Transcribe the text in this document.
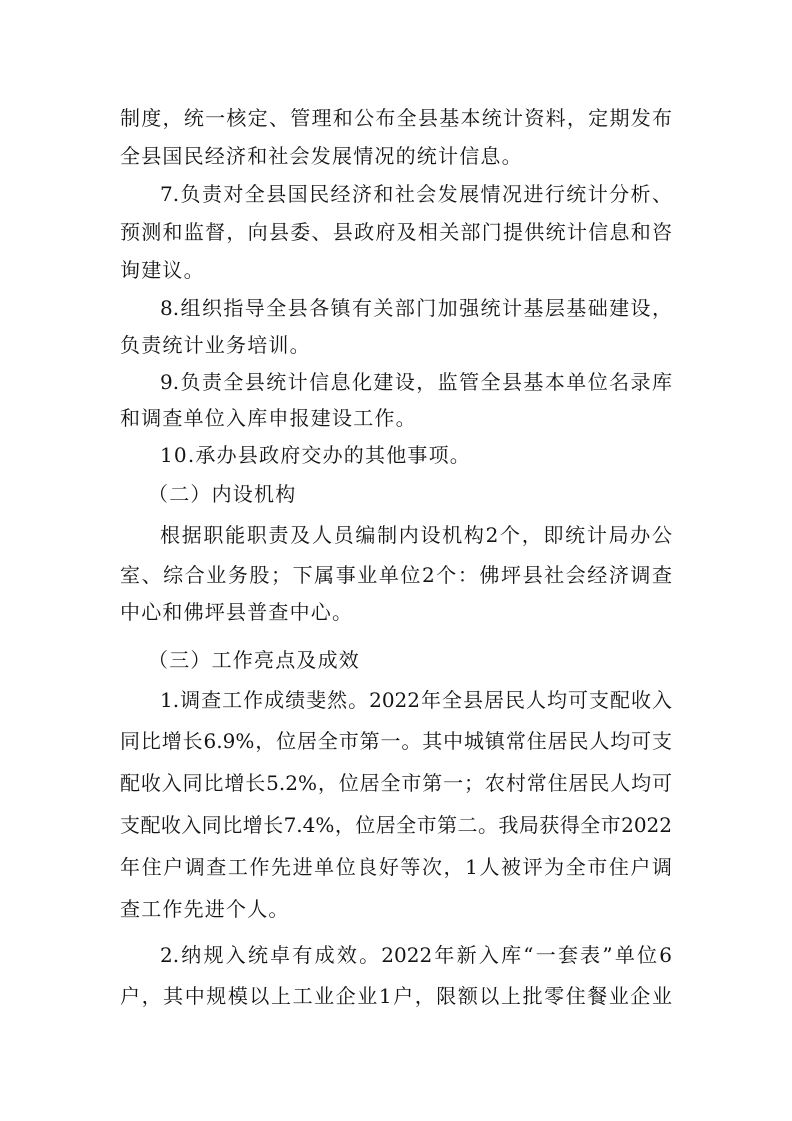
制度，统一核定、管理和公布全县基本统计资料，定期发布
全县国民经济和社会发展情况的统计信息。
7.负责对全县国民经济和社会发展情况进行统计分析、
预测和监督，向县委、县政府及相关部门提供统计信息和咨
询建议。
8.组织指导全县各镇有关部门加强统计基层基础建设，
负责统计业务培训。
9.负责全县统计信息化建设，监管全县基本单位名录库
和调查单位入库申报建设工作。
10.承办县政府交办的其他事项。
（二）内设机构
根据职能职责及人员编制内设机构2个，即统计局办公
室、综合业务股；下属事业单位2个：佛坪县社会经济调查
中心和佛坪县普查中心。
（三）工作亮点及成效
1.调查工作成绩斐然。2022年全县居民人均可支配收入
同比增长6.9%，位居全市第一。其中城镇常住居民人均可支
配收入同比增长5.2%，位居全市第一；农村常住居民人均可
支配收入同比增长7.4%，位居全市第二。我局获得全市2022
年住户调查工作先进单位良好等次，1人被评为全市住户调
查工作先进个人。
2.纳规入统卓有成效。2022年新入库“一套表”单位6
户，其中规模以上工业企业1户，限额以上批零住餐业企业
